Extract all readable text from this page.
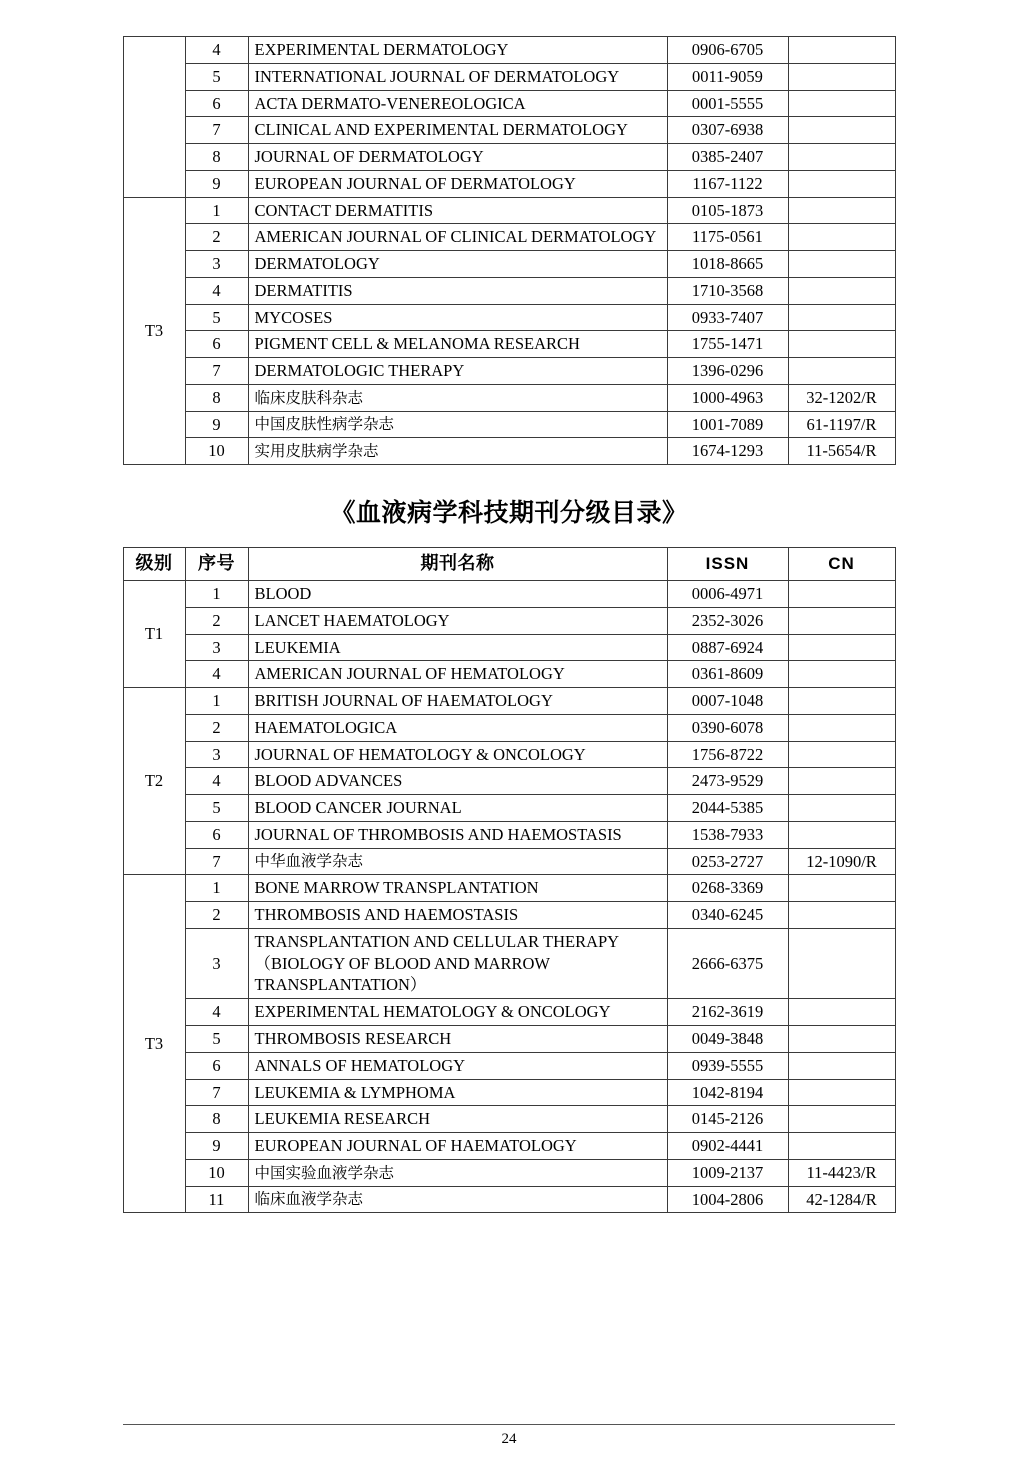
	4	EXPERIMENTAL DERMATOLOGY	0906-6705	
	5	INTERNATIONAL JOURNAL OF DERMATOLOGY	0011-9059	
	6	ACTA DERMATO-VENEREOLOGICA	0001-5555	
	7	CLINICAL AND EXPERIMENTAL DERMATOLOGY	0307-6938	
	8	JOURNAL OF DERMATOLOGY	0385-2407	
	9	EUROPEAN JOURNAL OF DERMATOLOGY	1167-1122	
T3	1	CONTACT DERMATITIS	0105-1873	
	2	AMERICAN JOURNAL OF CLINICAL DERMATOLOGY	1175-0561	
	3	DERMATOLOGY	1018-8665	
	4	DERMATITIS	1710-3568	
	5	MYCOSES	0933-7407	
	6	PIGMENT CELL & MELANOMA RESEARCH	1755-1471	
	7	DERMATOLOGIC THERAPY	1396-0296	
	8	临床皮肤科杂志	1000-4963	32-1202/R
	9	中国皮肤性病学杂志	1001-7089	61-1197/R
	10	实用皮肤病学杂志	1674-1293	11-5654/R
《血液病学科技期刊分级目录》
级别	序号	期刊名称	ISSN	CN
T1	1	BLOOD	0006-4971	
	2	LANCET HAEMATOLOGY	2352-3026	
	3	LEUKEMIA	0887-6924	
	4	AMERICAN JOURNAL OF HEMATOLOGY	0361-8609	
T2	1	BRITISH JOURNAL OF HAEMATOLOGY	0007-1048	
	2	HAEMATOLOGICA	0390-6078	
	3	JOURNAL OF HEMATOLOGY & ONCOLOGY	1756-8722	
	4	BLOOD ADVANCES	2473-9529	
	5	BLOOD CANCER JOURNAL	2044-5385	
	6	JOURNAL OF THROMBOSIS AND HAEMOSTASIS	1538-7933	
	7	中华血液学杂志	0253-2727	12-1090/R
T3	1	BONE MARROW TRANSPLANTATION	0268-3369	
	2	THROMBOSIS AND HAEMOSTASIS	0340-6245	
	3	TRANSPLANTATION AND CELLULAR THERAPY（BIOLOGY OF BLOOD AND MARROW TRANSPLANTATION）	2666-6375	
	4	EXPERIMENTAL HEMATOLOGY & ONCOLOGY	2162-3619	
	5	THROMBOSIS RESEARCH	0049-3848	
	6	ANNALS OF HEMATOLOGY	0939-5555	
	7	LEUKEMIA & LYMPHOMA	1042-8194	
	8	LEUKEMIA RESEARCH	0145-2126	
	9	EUROPEAN JOURNAL OF HAEMATOLOGY	0902-4441	
	10	中国实验血液学杂志	1009-2137	11-4423/R
	11	临床血液学杂志	1004-2806	42-1284/R
24
